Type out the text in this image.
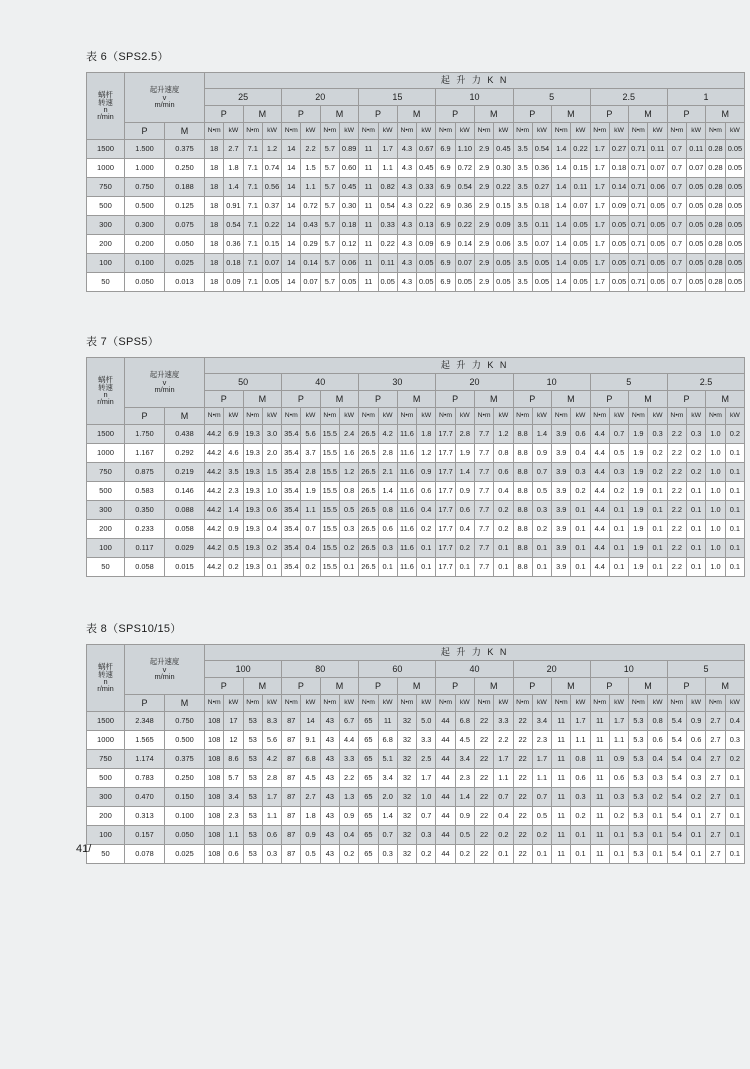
表 6（SPS2.5）
蜗杆
转速
n
r/min	起升速度
v
m/min		起 升 力 K N																											
			25				20				15				10				5				2.5				1			
			P		M		P		M		P		M		P		M		P		M		P		M		P		M	
	P	M	N•m	kW	N•m	kW	N•m	kW	N•m	kW	N•m	kW	N•m	kW	N•m	kW	N•m	kW	N•m	kW	N•m	kW	N•m	kW	N•m	kW	N•m	kW	N•m	kW
1500	1.500	0.375	18	2.7	7.1	1.2	14	2.2	5.7	0.89	11	1.7	4.3	0.67	6.9	1.10	2.9	0.45	3.5	0.54	1.4	0.22	1.7	0.27	0.71	0.11	0.7	0.11	0.28	0.05
1000	1.000	0.250	18	1.8	7.1	0.74	14	1.5	5.7	0.60	11	1.1	4.3	0.45	6.9	0.72	2.9	0.30	3.5	0.36	1.4	0.15	1.7	0.18	0.71	0.07	0.7	0.07	0.28	0.05
750	0.750	0.188	18	1.4	7.1	0.56	14	1.1	5.7	0.45	11	0.82	4.3	0.33	6.9	0.54	2.9	0.22	3.5	0.27	1.4	0.11	1.7	0.14	0.71	0.06	0.7	0.05	0.28	0.05
500	0.500	0.125	18	0.91	7.1	0.37	14	0.72	5.7	0.30	11	0.54	4.3	0.22	6.9	0.36	2.9	0.15	3.5	0.18	1.4	0.07	1.7	0.09	0.71	0.05	0.7	0.05	0.28	0.05
300	0.300	0.075	18	0.54	7.1	0.22	14	0.43	5.7	0.18	11	0.33	4.3	0.13	6.9	0.22	2.9	0.09	3.5	0.11	1.4	0.05	1.7	0.05	0.71	0.05	0.7	0.05	0.28	0.05
200	0.200	0.050	18	0.36	7.1	0.15	14	0.29	5.7	0.12	11	0.22	4.3	0.09	6.9	0.14	2.9	0.06	3.5	0.07	1.4	0.05	1.7	0.05	0.71	0.05	0.7	0.05	0.28	0.05
100	0.100	0.025	18	0.18	7.1	0.07	14	0.14	5.7	0.06	11	0.11	4.3	0.05	6.9	0.07	2.9	0.05	3.5	0.05	1.4	0.05	1.7	0.05	0.71	0.05	0.7	0.05	0.28	0.05
50	0.050	0.013	18	0.09	7.1	0.05	14	0.07	5.7	0.05	11	0.05	4.3	0.05	6.9	0.05	2.9	0.05	3.5	0.05	1.4	0.05	1.7	0.05	0.71	0.05	0.7	0.05	0.28	0.05
表 7（SPS5）
蜗杆
转速
n
r/min	起升速度
v
m/min		起 升 力 K N																											
			50				40				30				20				10				5				2.5			
			P		M		P		M		P		M		P		M		P		M		P		M		P		M	
	P	M	N•m	kW	N•m	kW	N•m	kW	N•m	kW	N•m	kW	N•m	kW	N•m	kW	N•m	kW	N•m	kW	N•m	kW	N•m	kW	N•m	kW	N•m	kW	N•m	kW
1500	1.750	0.438	44.2	6.9	19.3	3.0	35.4	5.6	15.5	2.4	26.5	4.2	11.6	1.8	17.7	2.8	7.7	1.2	8.8	1.4	3.9	0.6	4.4	0.7	1.9	0.3	2.2	0.3	1.0	0.2
1000	1.167	0.292	44.2	4.6	19.3	2.0	35.4	3.7	15.5	1.6	26.5	2.8	11.6	1.2	17.7	1.9	7.7	0.8	8.8	0.9	3.9	0.4	4.4	0.5	1.9	0.2	2.2	0.2	1.0	0.1
750	0.875	0.219	44.2	3.5	19.3	1.5	35.4	2.8	15.5	1.2	26.5	2.1	11.6	0.9	17.7	1.4	7.7	0.6	8.8	0.7	3.9	0.3	4.4	0.3	1.9	0.2	2.2	0.2	1.0	0.1
500	0.583	0.146	44.2	2.3	19.3	1.0	35.4	1.9	15.5	0.8	26.5	1.4	11.6	0.6	17.7	0.9	7.7	0.4	8.8	0.5	3.9	0.2	4.4	0.2	1.9	0.1	2.2	0.1	1.0	0.1
300	0.350	0.088	44.2	1.4	19.3	0.6	35.4	1.1	15.5	0.5	26.5	0.8	11.6	0.4	17.7	0.6	7.7	0.2	8.8	0.3	3.9	0.1	4.4	0.1	1.9	0.1	2.2	0.1	1.0	0.1
200	0.233	0.058	44.2	0.9	19.3	0.4	35.4	0.7	15.5	0.3	26.5	0.6	11.6	0.2	17.7	0.4	7.7	0.2	8.8	0.2	3.9	0.1	4.4	0.1	1.9	0.1	2.2	0.1	1.0	0.1
100	0.117	0.029	44.2	0.5	19.3	0.2	35.4	0.4	15.5	0.2	26.5	0.3	11.6	0.1	17.7	0.2	7.7	0.1	8.8	0.1	3.9	0.1	4.4	0.1	1.9	0.1	2.2	0.1	1.0	0.1
50	0.058	0.015	44.2	0.2	19.3	0.1	35.4	0.2	15.5	0.1	26.5	0.1	11.6	0.1	17.7	0.1	7.7	0.1	8.8	0.1	3.9	0.1	4.4	0.1	1.9	0.1	2.2	0.1	1.0	0.1
表 8（SPS10/15）
蜗杆
转速
n
r/min	起升速度
v
m/min		起 升 力 K N																											
			100				80				60				40				20				10				5			
			P		M		P		M		P		M		P		M		P		M		P		M		P		M	
	P	M	N•m	kW	N•m	kW	N•m	kW	N•m	kW	N•m	kW	N•m	kW	N•m	kW	N•m	kW	N•m	kW	N•m	kW	N•m	kW	N•m	kW	N•m	kW	N•m	kW
1500	2.348	0.750	108	17	53	8.3	87	14	43	6.7	65	11	32	5.0	44	6.8	22	3.3	22	3.4	11	1.7	11	1.7	5.3	0.8	5.4	0.9	2.7	0.4
1000	1.565	0.500	108	12	53	5.6	87	9.1	43	4.4	65	6.8	32	3.3	44	4.5	22	2.2	22	2.3	11	1.1	11	1.1	5.3	0.6	5.4	0.6	2.7	0.3
750	1.174	0.375	108	8.6	53	4.2	87	6.8	43	3.3	65	5.1	32	2.5	44	3.4	22	1.7	22	1.7	11	0.8	11	0.9	5.3	0.4	5.4	0.4	2.7	0.2
500	0.783	0.250	108	5.7	53	2.8	87	4.5	43	2.2	65	3.4	32	1.7	44	2.3	22	1.1	22	1.1	11	0.6	11	0.6	5.3	0.3	5.4	0.3	2.7	0.1
300	0.470	0.150	108	3.4	53	1.7	87	2.7	43	1.3	65	2.0	32	1.0	44	1.4	22	0.7	22	0.7	11	0.3	11	0.3	5.3	0.2	5.4	0.2	2.7	0.1
200	0.313	0.100	108	2.3	53	1.1	87	1.8	43	0.9	65	1.4	32	0.7	44	0.9	22	0.4	22	0.5	11	0.2	11	0.2	5.3	0.1	5.4	0.1	2.7	0.1
100	0.157	0.050	108	1.1	53	0.6	87	0.9	43	0.4	65	0.7	32	0.3	44	0.5	22	0.2	22	0.2	11	0.1	11	0.1	5.3	0.1	5.4	0.1	2.7	0.1
50	0.078	0.025	108	0.6	53	0.3	87	0.5	43	0.2	65	0.3	32	0.2	44	0.2	22	0.1	22	0.1	11	0.1	11	0.1	5.3	0.1	5.4	0.1	2.7	0.1
41/
